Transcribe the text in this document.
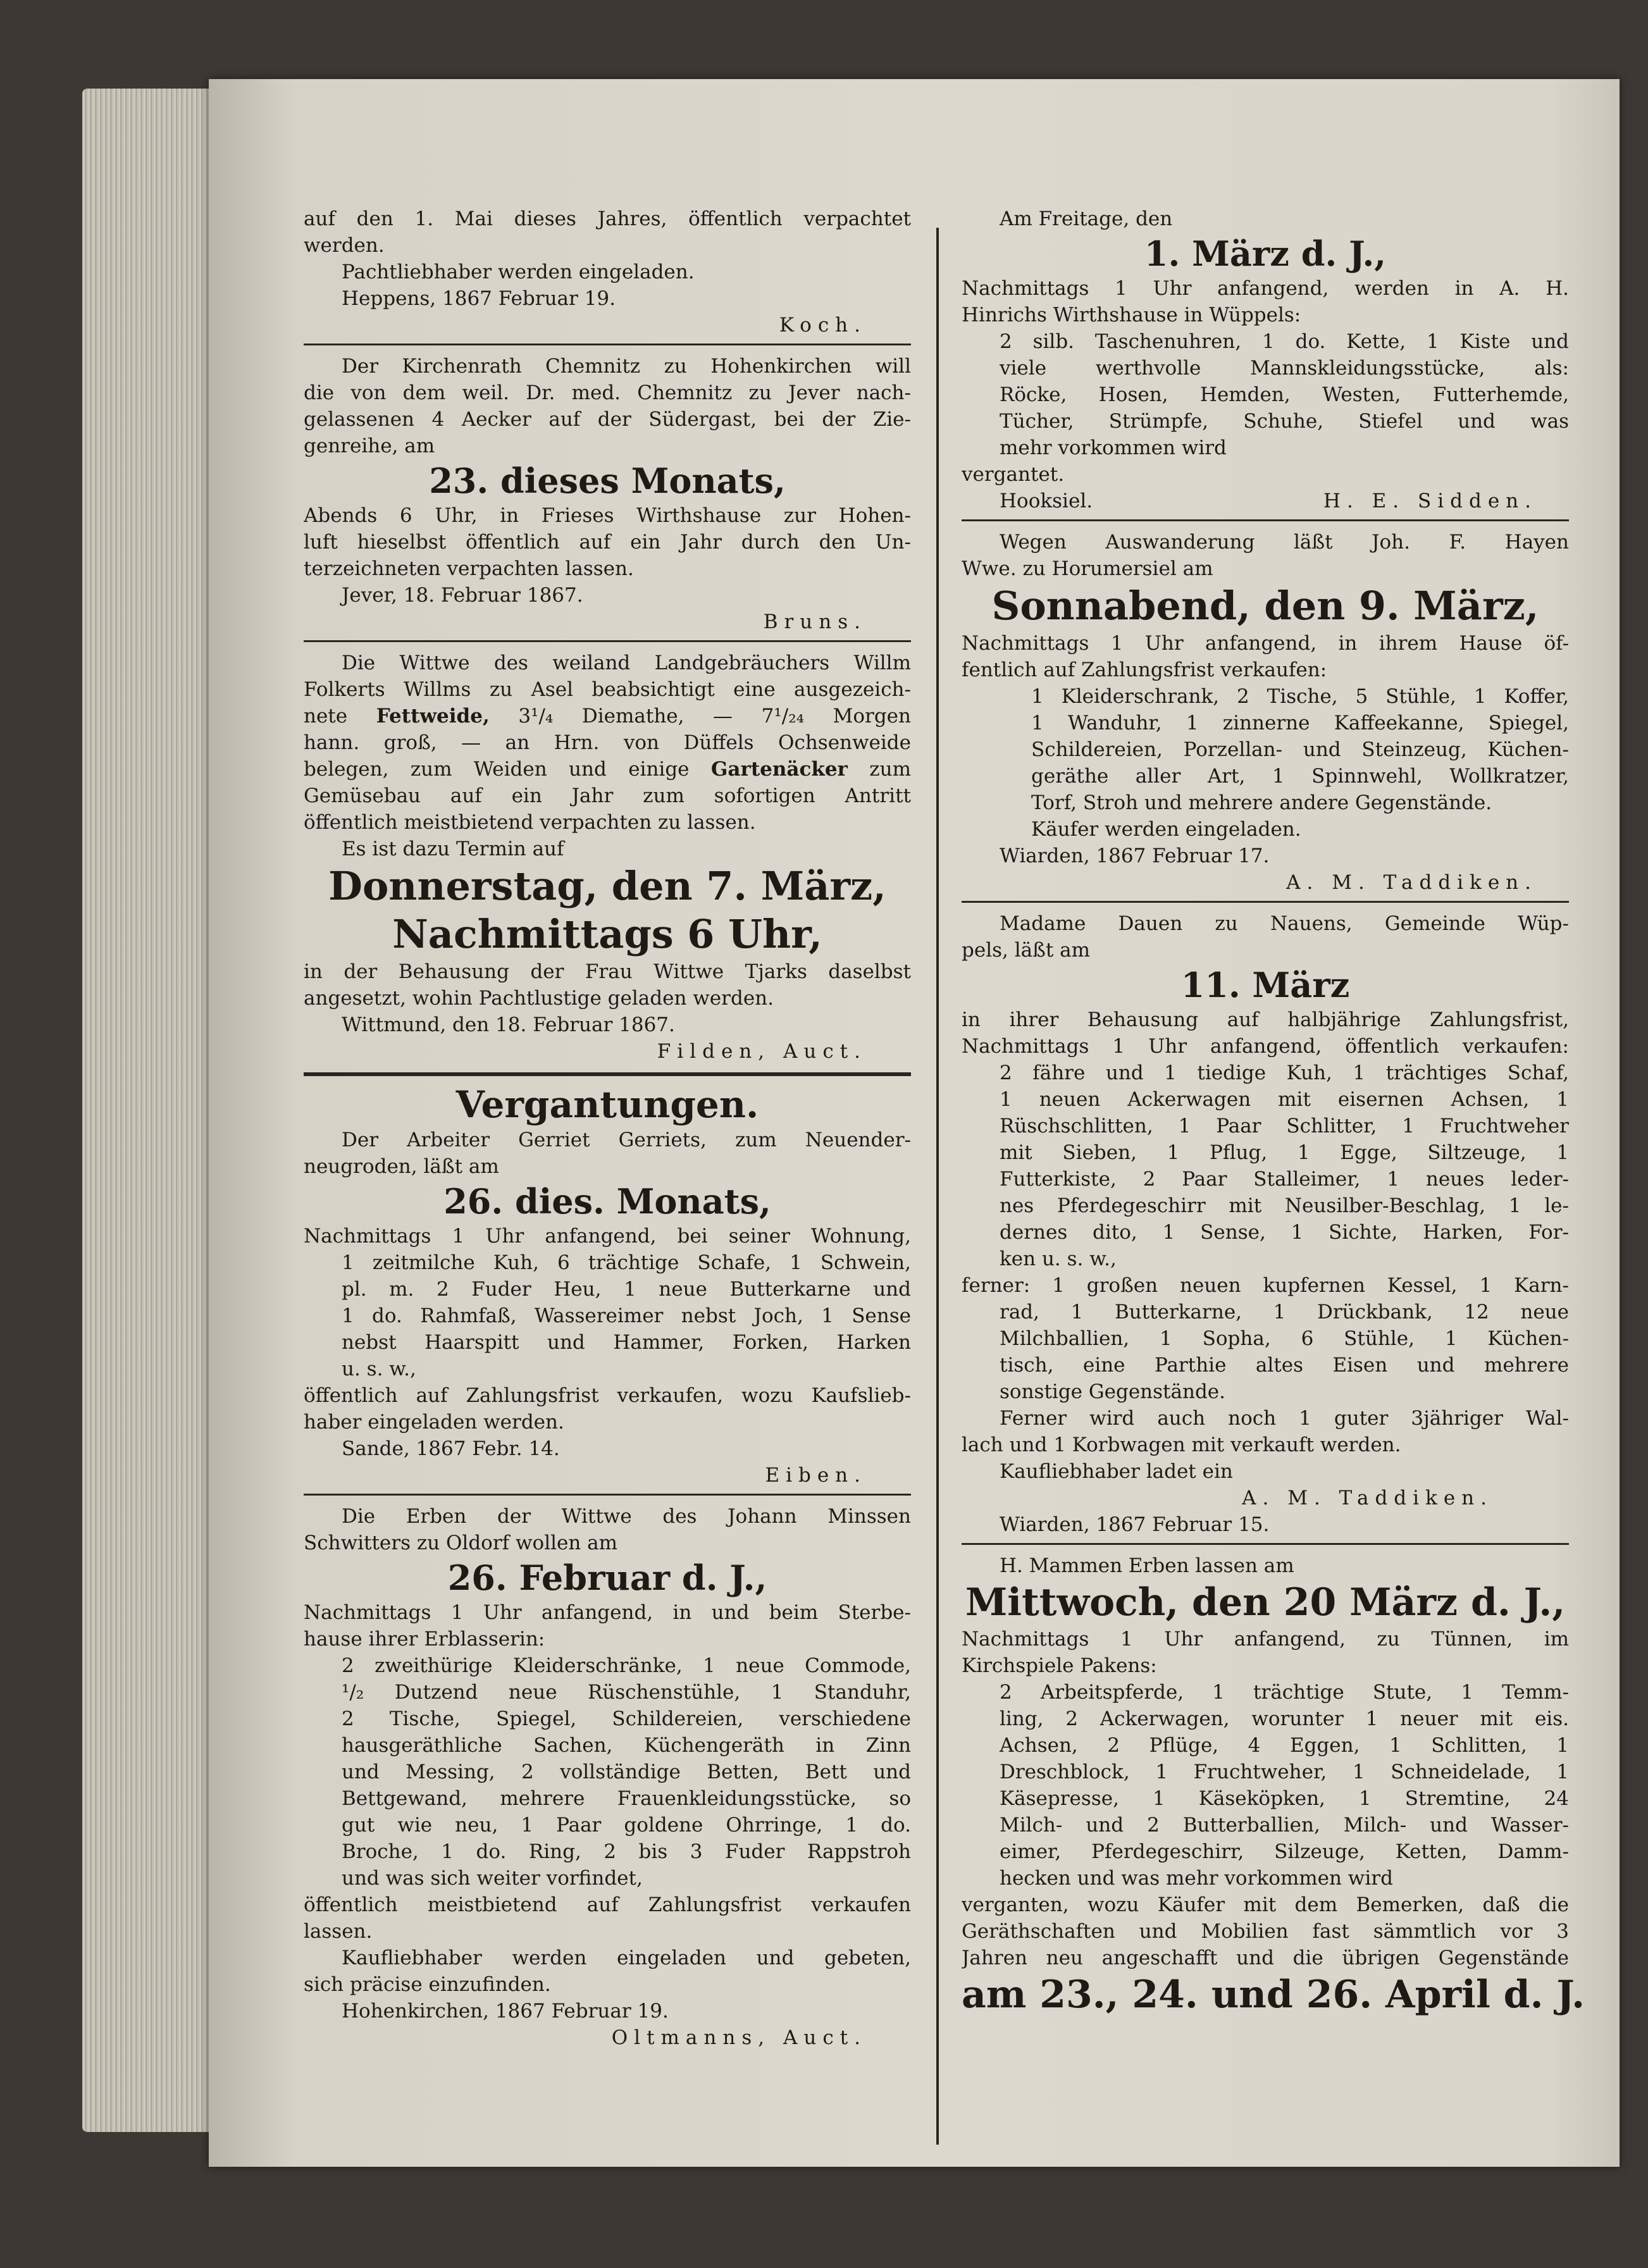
auf den 1. Mai dieses Jahres, öffentlich verpachtet
werden.
Pachtliebhaber werden eingeladen.
Heppens, 1867 Februar 19.
Koch.
Der Kirchenrath Chemnitz zu Hohenkirchen will
die von dem weil. Dr. med. Chemnitz zu Jever nach-
gelassenen 4 Aecker auf der Südergast, bei der Zie-
genreihe, am
23. dieses Monats,
Abends 6 Uhr, in Frieses Wirthshause zur Hohen-
luft hieselbst öffentlich auf ein Jahr durch den Un-
terzeichneten verpachten lassen.
Jever, 18. Februar 1867.
Bruns.
Die Wittwe des weiland Landgebräuchers Willm
Folkerts Willms zu Asel beabsichtigt eine ausgezeich-
nete Fettweide, 3¹/₄ Diemathe, — 7¹/₂₄ Morgen
hann. groß, — an Hrn. von Düffels Ochsenweide
belegen, zum Weiden und einige Gartenäcker zum
Gemüsebau auf ein Jahr zum sofortigen Antritt
öffentlich meistbietend verpachten zu lassen.
Es ist dazu Termin auf
Donnerstag, den 7. März,
Nachmittags 6 Uhr,
in der Behausung der Frau Wittwe Tjarks daselbst
angesetzt, wohin Pachtlustige geladen werden.
Wittmund, den 18. Februar 1867.
Filden, Auct.
Vergantungen.
Der Arbeiter Gerriet Gerriets, zum Neuender-
neugroden, läßt am
26. dies. Monats,
Nachmittags 1 Uhr anfangend, bei seiner Wohnung,
1 zeitmilche Kuh, 6 trächtige Schafe, 1 Schwein,
pl. m. 2 Fuder Heu, 1 neue Butterkarne und
1 do. Rahmfaß, Wassereimer nebst Joch, 1 Sense
nebst Haarspitt und Hammer, Forken, Harken
u. s. w.,
öffentlich auf Zahlungsfrist verkaufen, wozu Kaufslieb-
haber eingeladen werden.
Sande, 1867 Febr. 14.
Eiben.
Die Erben der Wittwe des Johann Minssen
Schwitters zu Oldorf wollen am
26. Februar d. J.,
Nachmittags 1 Uhr anfangend, in und beim Sterbe-
hause ihrer Erblasserin:
2 zweithürige Kleiderschränke, 1 neue Commode,
¹/₂ Dutzend neue Rüschenstühle, 1 Standuhr,
2 Tische, Spiegel, Schildereien, verschiedene
hausgeräthliche Sachen, Küchengeräth in Zinn
und Messing, 2 vollständige Betten, Bett und
Bettgewand, mehrere Frauenkleidungsstücke, so
gut wie neu, 1 Paar goldene Ohrringe, 1 do.
Broche, 1 do. Ring, 2 bis 3 Fuder Rappstroh
und was sich weiter vorfindet,
öffentlich meistbietend auf Zahlungsfrist verkaufen
lassen.
Kaufliebhaber werden eingeladen und gebeten,
sich präcise einzufinden.
Hohenkirchen, 1867 Februar 19.
Oltmanns, Auct.
Am Freitage, den
1. März d. J.,
Nachmittags 1 Uhr anfangend, werden in A. H.
Hinrichs Wirthshause in Wüppels:
2 silb. Taschenuhren, 1 do. Kette, 1 Kiste und
viele werthvolle Mannskleidungsstücke, als:
Röcke, Hosen, Hemden, Westen, Futterhemde,
Tücher, Strümpfe, Schuhe, Stiefel und was
mehr vorkommen wird
vergantet.
Hooksiel.	H. E. Sidden.
Wegen Auswanderung läßt Joh. F. Hayen
Wwe. zu Horumersiel am
Sonnabend, den 9. März,
Nachmittags 1 Uhr anfangend, in ihrem Hause öf-
fentlich auf Zahlungsfrist verkaufen:
1 Kleiderschrank, 2 Tische, 5 Stühle, 1 Koffer,
1 Wanduhr, 1 zinnerne Kaffeekanne, Spiegel,
Schildereien, Porzellan- und Steinzeug, Küchen-
geräthe aller Art, 1 Spinnwehl, Wollkratzer,
Torf, Stroh und mehrere andere Gegenstände.
Käufer werden eingeladen.
Wiarden, 1867 Februar 17.
A. M. Taddiken.
Madame Dauen zu Nauens, Gemeinde Wüp-
pels, läßt am
11. März
in ihrer Behausung auf halbjährige Zahlungsfrist,
Nachmittags 1 Uhr anfangend, öffentlich verkaufen:
2 fähre und 1 tiedige Kuh, 1 trächtiges Schaf,
1 neuen Ackerwagen mit eisernen Achsen, 1
Rüschschlitten, 1 Paar Schlitter, 1 Fruchtweher
mit Sieben, 1 Pflug, 1 Egge, Siltzeuge, 1
Futterkiste, 2 Paar Stalleimer, 1 neues leder-
nes Pferdegeschirr mit Neusilber-Beschlag, 1 le-
dernes dito, 1 Sense, 1 Sichte, Harken, For-
ken u. s. w.,
ferner: 1 großen neuen kupfernen Kessel, 1 Karn-
rad, 1 Butterkarne, 1 Drückbank, 12 neue
Milchballien, 1 Sopha, 6 Stühle, 1 Küchen-
tisch, eine Parthie altes Eisen und mehrere
sonstige Gegenstände.
Ferner wird auch noch 1 guter 3jähriger Wal-
lach und 1 Korbwagen mit verkauft werden.
Kaufliebhaber ladet ein
A. M. Taddiken.
Wiarden, 1867 Februar 15.
H. Mammen Erben lassen am
Mittwoch, den 20 März d. J.,
Nachmittags 1 Uhr anfangend, zu Tünnen, im
Kirchspiele Pakens:
2 Arbeitspferde, 1 trächtige Stute, 1 Temm-
ling, 2 Ackerwagen, worunter 1 neuer mit eis.
Achsen, 2 Pflüge, 4 Eggen, 1 Schlitten, 1
Dreschblock, 1 Fruchtweher, 1 Schneidelade, 1
Käsepresse, 1 Käseköpken, 1 Stremtine, 24
Milch- und 2 Butterballien, Milch- und Wasser-
eimer, Pferdegeschirr, Silzeuge, Ketten, Damm-
hecken und was mehr vorkommen wird
verganten, wozu Käufer mit dem Bemerken, daß die
Geräthschaften und Mobilien fast sämmtlich vor 3
Jahren neu angeschafft und die übrigen Gegenstände
am 23., 24. und 26. April d. J.
